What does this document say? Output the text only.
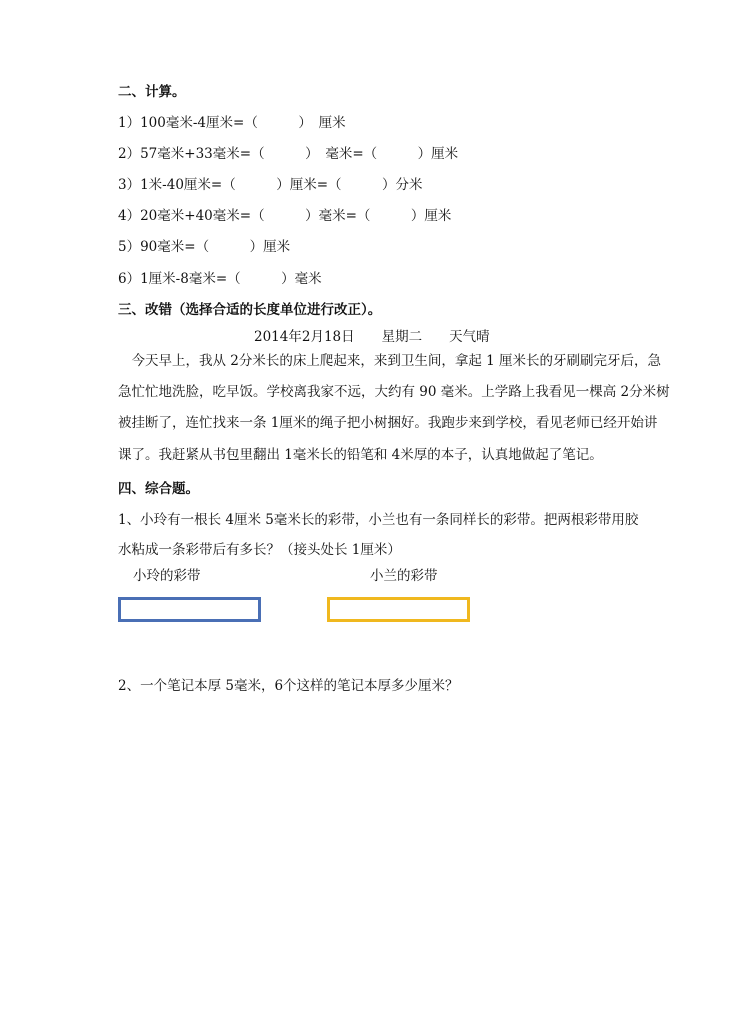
二、计算。
1）100毫米-4厘米=（　　　）　厘米
2）57毫米+33毫米=（　　　）　毫米=（　　　）厘米
3）1米-40厘米=（　　　）厘米=（　　　）分米
4）20毫米+40毫米=（　　　）毫米=（　　　）厘米
5）90毫米=（　　　）厘米
6）1厘米-8毫米=（　　　）毫米
三、改错（选择合适的长度单位进行改正）。
2014年2月18日　　星期二　　天气晴
　今天早上，我从 2分米长的床上爬起来，来到卫生间，拿起 1 厘米长的牙刷刷完牙后，急
急忙忙地洗脸，吃早饭。学校离我家不远，大约有 90 毫米。上学路上我看见一棵高 2分米树
被挂断了，连忙找来一条 1厘米的绳子把小树捆好。我跑步来到学校，看见老师已经开始讲
课了。我赶紧从书包里翻出 1毫米长的铅笔和 4米厚的本子，认真地做起了笔记。
四、综合题。
1、小玲有一根长 4厘米 5毫米长的彩带，小兰也有一条同样长的彩带。把两根彩带用胶
水粘成一条彩带后有多长？（接头处长 1厘米）
小玲的彩带	小兰的彩带
2、一个笔记本厚 5毫米，6个这样的笔记本厚多少厘米？
